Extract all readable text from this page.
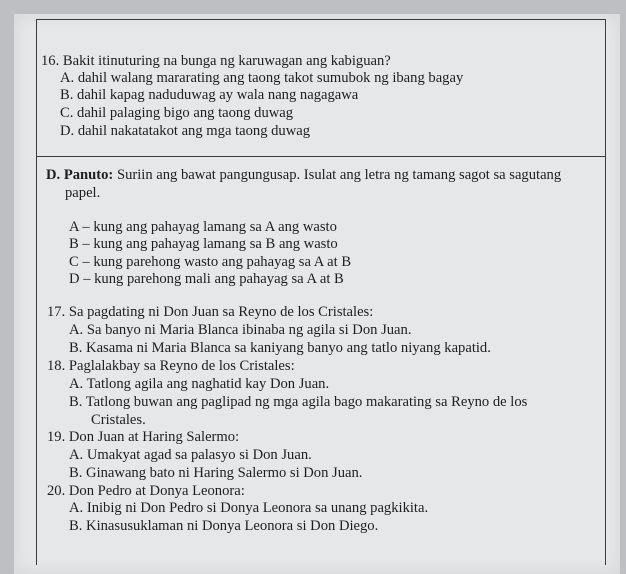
16. Bakit itinuturing na bunga ng karuwagan ang kabiguan?
A. dahil walang mararating ang taong takot sumubok ng ibang bagay
B. dahil kapag naduduwag ay wala nang nagagawa
C. dahil palaging bigo ang taong duwag
D. dahil nakatatakot ang mga taong duwag
D. Panuto: Suriin ang bawat pangungusap. Isulat ang letra ng tamang sagot sa sagutang
papel.
A – kung ang pahayag lamang sa A ang wasto
B – kung ang pahayag lamang sa B ang wasto
C – kung parehong wasto ang pahayag sa A at B
D – kung parehong mali ang pahayag sa A at B
17. Sa pagdating ni Don Juan sa Reyno de los Cristales:
A. Sa banyo ni Maria Blanca ibinaba ng agila si Don Juan.
B. Kasama ni Maria Blanca sa kaniyang banyo ang tatlo niyang kapatid.
18. Paglalakbay sa Reyno de los Cristales:
A. Tatlong agila ang naghatid kay Don Juan.
B. Tatlong buwan ang paglipad ng mga agila bago makarating sa Reyno de los
Cristales.
19. Don Juan at Haring Salermo:
A. Umakyat agad sa palasyo si Don Juan.
B. Ginawang bato ni Haring Salermo si Don Juan.
20. Don Pedro at Donya Leonora:
A. Inibig ni Don Pedro si Donya Leonora sa unang pagkikita.
B. Kinasusuklaman ni Donya Leonora si Don Diego.
